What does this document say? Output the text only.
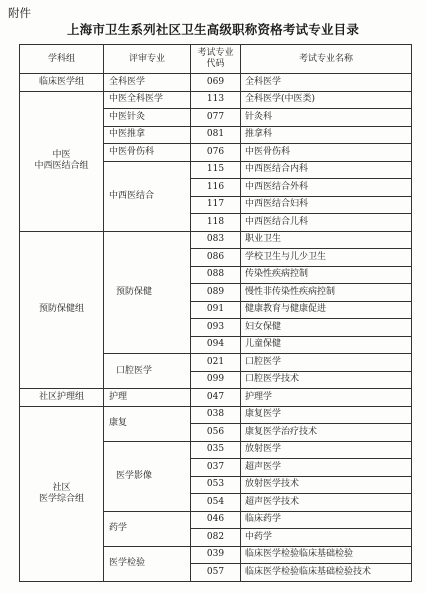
附件
上海市卫生系列社区卫生高级职称资格考试专业目录
学科组	评审专业	考试专业代码	考试专业名称
临床医学组	全科医学	069	全科医学
中医
中西医结合组	中医全科医学	113	全科医学(中医类)
	中医针灸	077	针灸科
	中医推拿	081	推拿科
	中医骨伤科	076	中医骨伤科
	中西医结合	115	中西医结合内科
		116	中西医结合外科
		117	中西医结合妇科
		118	中西医结合儿科
预防保健组	预防保健	083	职业卫生
		086	学校卫生与儿少卫生
		088	传染性疾病控制
		089	慢性非传染性疾病控制
		091	健康教育与健康促进
		093	妇女保健
		094	儿童保健
	口腔医学	021	口腔医学
		099	口腔医学技术
社区护理组	护理	047	护理学
社区
医学综合组	康复	038	康复医学
		056	康复医学治疗技术
	医学影像	035	放射医学
		037	超声医学
		053	放射医学技术
		054	超声医学技术
	药学	046	临床药学
		082	中药学
	医学检验	039	临床医学检验临床基础检验
		057	临床医学检验临床基础检验技术
